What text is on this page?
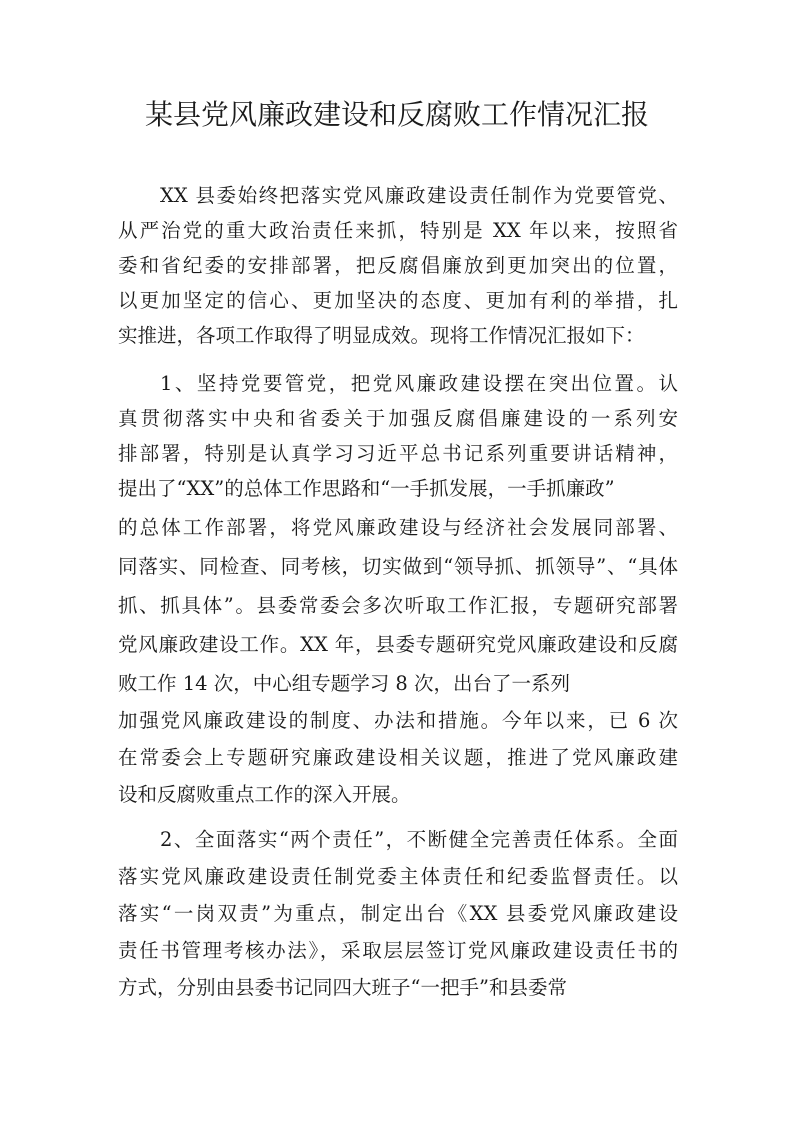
某县党风廉政建设和反腐败工作情况汇报
XX 县委始终把落实党风廉政建设责任制作为党要管党、
从严治党的重大政治责任来抓，特别是 XX 年以来，按照省
委和省纪委的安排部署，把反腐倡廉放到更加突出的位置，
以更加坚定的信心、更加坚决的态度、更加有利的举措，扎
实推进，各项工作取得了明显成效。现将工作情况汇报如下：
1、坚持党要管党，把党风廉政建设摆在突出位置。认
真贯彻落实中央和省委关于加强反腐倡廉建设的一系列安
排部署，特别是认真学习习近平总书记系列重要讲话精神，
提出了“XX”的总体工作思路和“一手抓发展，一手抓廉政”
的总体工作部署，将党风廉政建设与经济社会发展同部署、
同落实、同检查、同考核，切实做到“领导抓、抓领导”、“具体
抓、抓具体”。县委常委会多次听取工作汇报，专题研究部署
党风廉政建设工作。XX 年，县委专题研究党风廉政建设和反腐
败工作 14 次，中心组专题学习 8 次，出台了一系列
加强党风廉政建设的制度、办法和措施。今年以来，已 6 次
在常委会上专题研究廉政建设相关议题，推进了党风廉政建
设和反腐败重点工作的深入开展。
2、全面落实“两个责任”，不断健全完善责任体系。全面
落实党风廉政建设责任制党委主体责任和纪委监督责任。以
落实“一岗双责”为重点，制定出台《XX 县委党风廉政建设
责任书管理考核办法》，采取层层签订党风廉政建设责任书的
方式，分别由县委书记同四大班子“一把手”和县委常
